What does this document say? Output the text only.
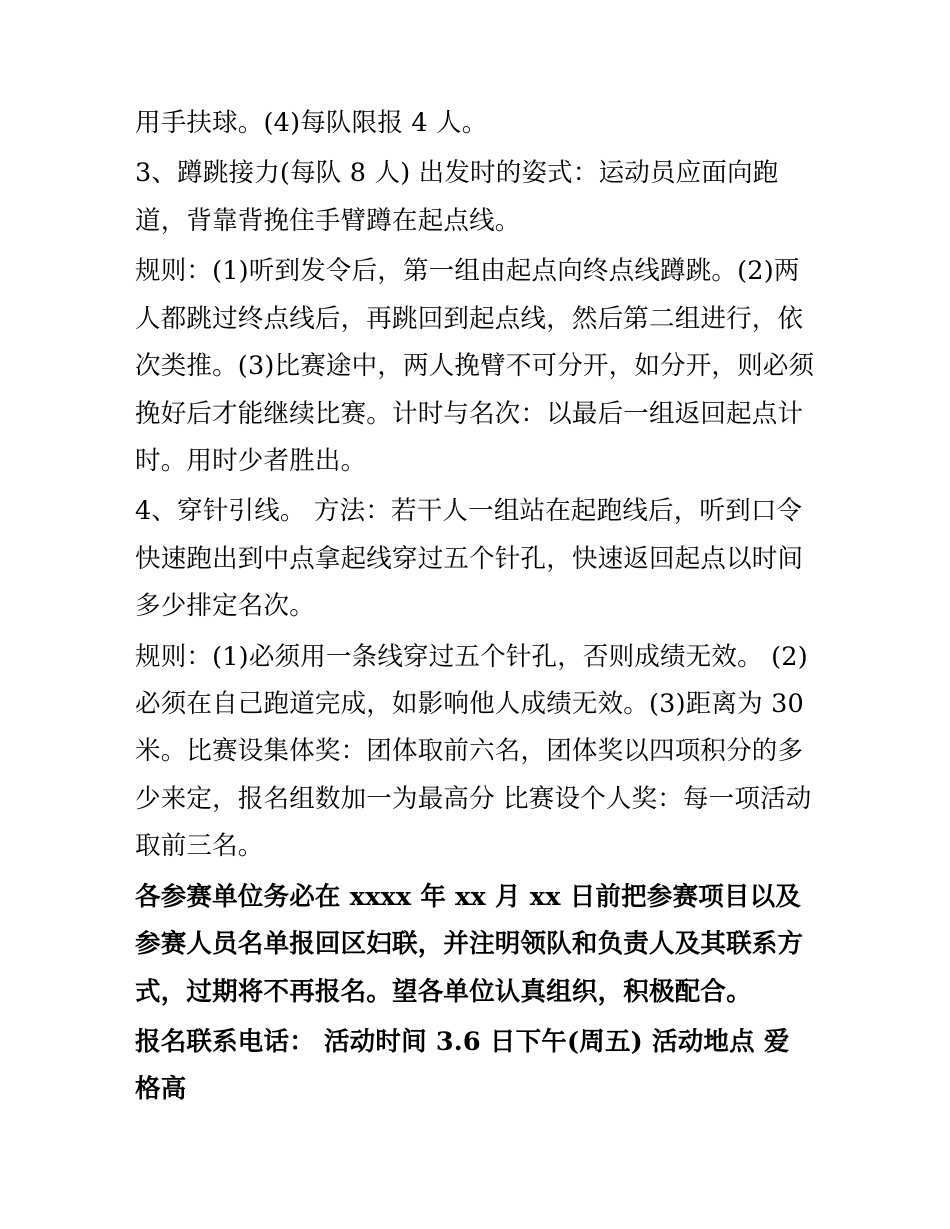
用手扶球。(4)每队限报 4 人。

3、蹲跳接力(每队 8 人) 出发时的姿式：运动员应面向跑道，背靠背挽住手臂蹲在起点线。

规则：(1)听到发令后，第一组由起点向终点线蹲跳。(2)两人都跳过终点线后，再跳回到起点线，然后第二组进行，依次类推。(3)比赛途中，两人挽臂不可分开，如分开，则必须挽好后才能继续比赛。计时与名次：以最后一组返回起点计时。用时少者胜出。

4、穿针引线。 方法：若干人一组站在起跑线后，听到口令快速跑出到中点拿起线穿过五个针孔，快速返回起点以时间多少排定名次。

规则：(1)必须用一条线穿过五个针孔，否则成绩无效。 (2)必须在自己跑道完成，如影响他人成绩无效。(3)距离为 30 米。比赛设集体奖：团体取前六名，团体奖以四项积分的多少来定，报名组数加一为最高分 比赛设个人奖：每一项活动取前三名。

各参赛单位务必在 xxxx 年 xx 月 xx 日前把参赛项目以及参赛人员名单报回区妇联，并注明领队和负责人及其联系方式，过期将不再报名。望各单位认真组织，积极配合。

报名联系电话： 活动时间 3.6 日下午(周五) 活动地点 爱格高
